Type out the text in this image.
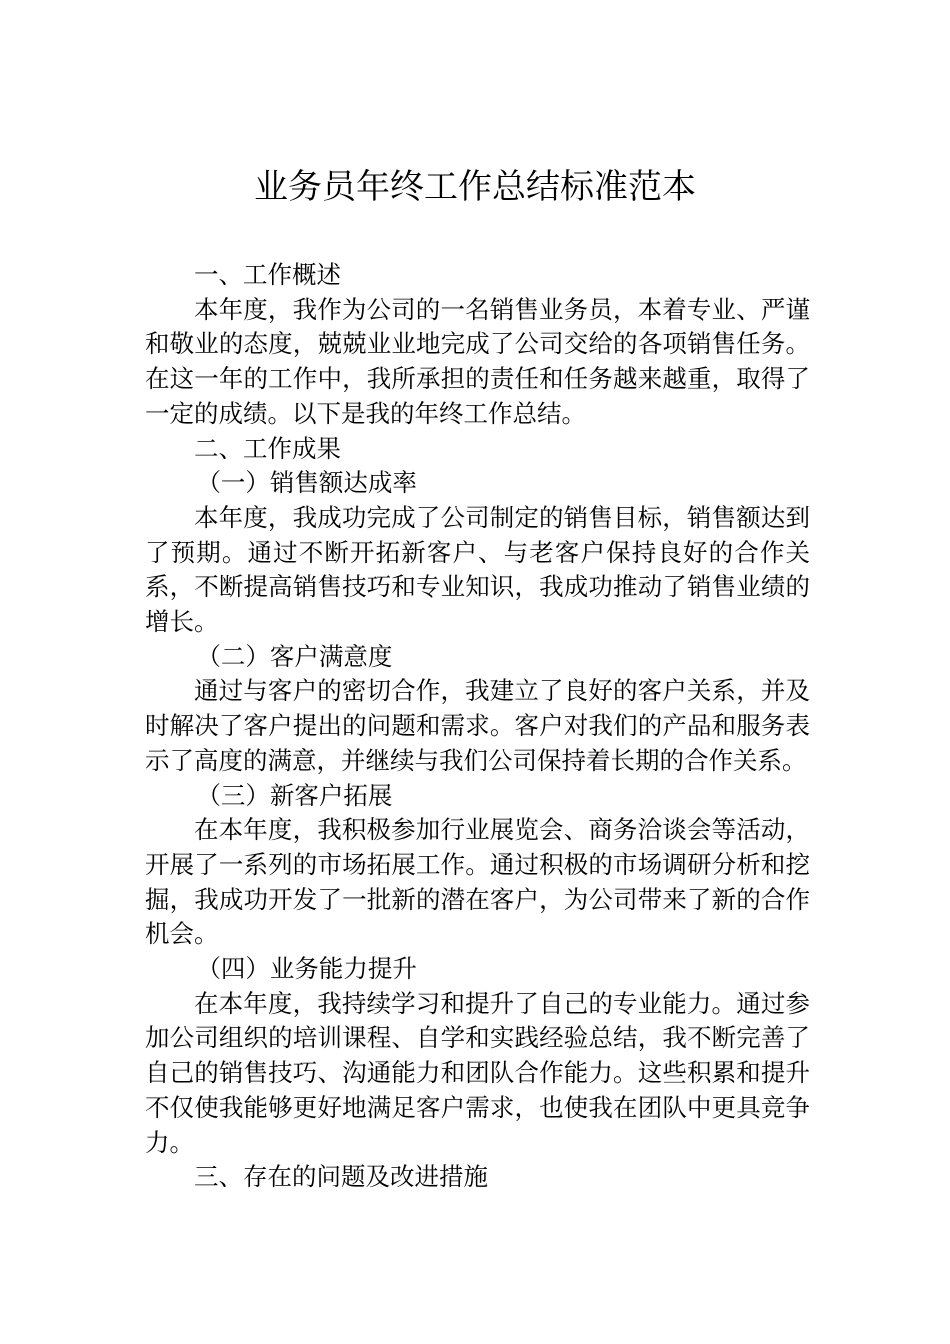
业务员年终工作总结标准范本

一、工作概述

本年度，我作为公司的一名销售业务员，本着专业、严谨和敬业的态度，兢兢业业地完成了公司交给的各项销售任务。在这一年的工作中，我所承担的责任和任务越来越重，取得了一定的成绩。以下是我的年终工作总结。

二、工作成果

（一）销售额达成率

本年度，我成功完成了公司制定的销售目标，销售额达到了预期。通过不断开拓新客户、与老客户保持良好的合作关系，不断提高销售技巧和专业知识，我成功推动了销售业绩的增长。

（二）客户满意度

通过与客户的密切合作，我建立了良好的客户关系，并及时解决了客户提出的问题和需求。客户对我们的产品和服务表示了高度的满意，并继续与我们公司保持着长期的合作关系。

（三）新客户拓展

在本年度，我积极参加行业展览会、商务洽谈会等活动，开展了一系列的市场拓展工作。通过积极的市场调研分析和挖掘，我成功开发了一批新的潜在客户，为公司带来了新的合作机会。

（四）业务能力提升

在本年度，我持续学习和提升了自己的专业能力。通过参加公司组织的培训课程、自学和实践经验总结，我不断完善了自己的销售技巧、沟通能力和团队合作能力。这些积累和提升不仅使我能够更好地满足客户需求，也使我在团队中更具竞争力。

三、存在的问题及改进措施
